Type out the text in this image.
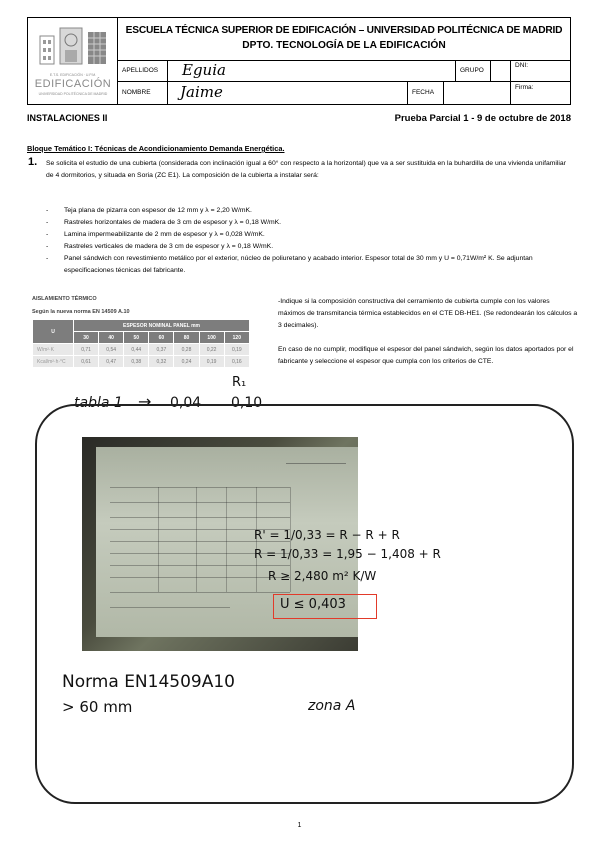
E.T.S. EDIFICACIÓN · U.P.M.
EDIFICACIÓN
UNIVERSIDAD POLITÉCNICA DE MADRID
ESCUELA TÉCNICA SUPERIOR DE EDIFICACIÓN – UNIVERSIDAD POLITÉCNICA DE MADRID
DPTO. TECNOLOGÍA DE LA EDIFICACIÓN
APELLIDOS Eguia	GRUPO
DNI:
NOMBRE Jaime	FECHA
Firma:
INSTALACIONES II	Prueba Parcial 1 - 9 de octubre de 2018
Bloque Temático I: Técnicas de Acondicionamiento Demanda Energética.
1. Se solicita el estudio de una cubierta (considerada con inclinación igual a 60° con respecto a la horizontal) que va a ser sustituida en la buhardilla de una vivienda unifamiliar de 4 dormitorios, y situada en Soria (ZC E1). La composición de la cubierta a instalar será:
- Teja plana de pizarra con espesor de 12 mm y λ = 2,20 W/mK.
- Rastreles horizontales de madera de 3 cm de espesor y λ = 0,18 W/mK.
- Lamina impermeabilizante de 2 mm de espesor y λ = 0,028 W/mK.
- Rastreles verticales de madera de 3 cm de espesor y λ = 0,18 W/mK.
- Panel sándwich con revestimiento metálico por el exterior, núcleo de poliuretano y acabado interior. Espesor total de 30 mm y U = 0,71W/m² K. Se adjuntan especificaciones técnicas del fabricante.
AISLAMIENTO TÉRMICO
Según la nueva norma EN 14509 A.10
U	ESPESOR NOMINAL PANEL mm						
	30	40	50	60	80	100	120
W/m²·K	0,71	0,54	0,44	0,37	0,28	0,22	0,19
Kcal/m²·h·°C	0,61	0,47	0,38	0,32	0,24	0,19	0,16
-Indique si la composición constructiva del cerramiento de cubierta cumple con los valores máximos de transmitancia térmica establecidos en el CTE DB-HE1. (Se redondearán los cálculos a 3 decimales).
En caso de no cumplir, modifique el espesor del panel sándwich, según los datos aportados por el fabricante y seleccione el espesor que cumpla con los criterios de CTE.
R₁
tabla 1 → 0,04 0,10
R' = 1/0,33 = R − R + R
R = 1/0,33 = 1,95 − 1,408 + R
R ≥ 2,480 m² K/W
U ≤ 0,403
Norma EN14509A10
> 60 mm	zona A
1
